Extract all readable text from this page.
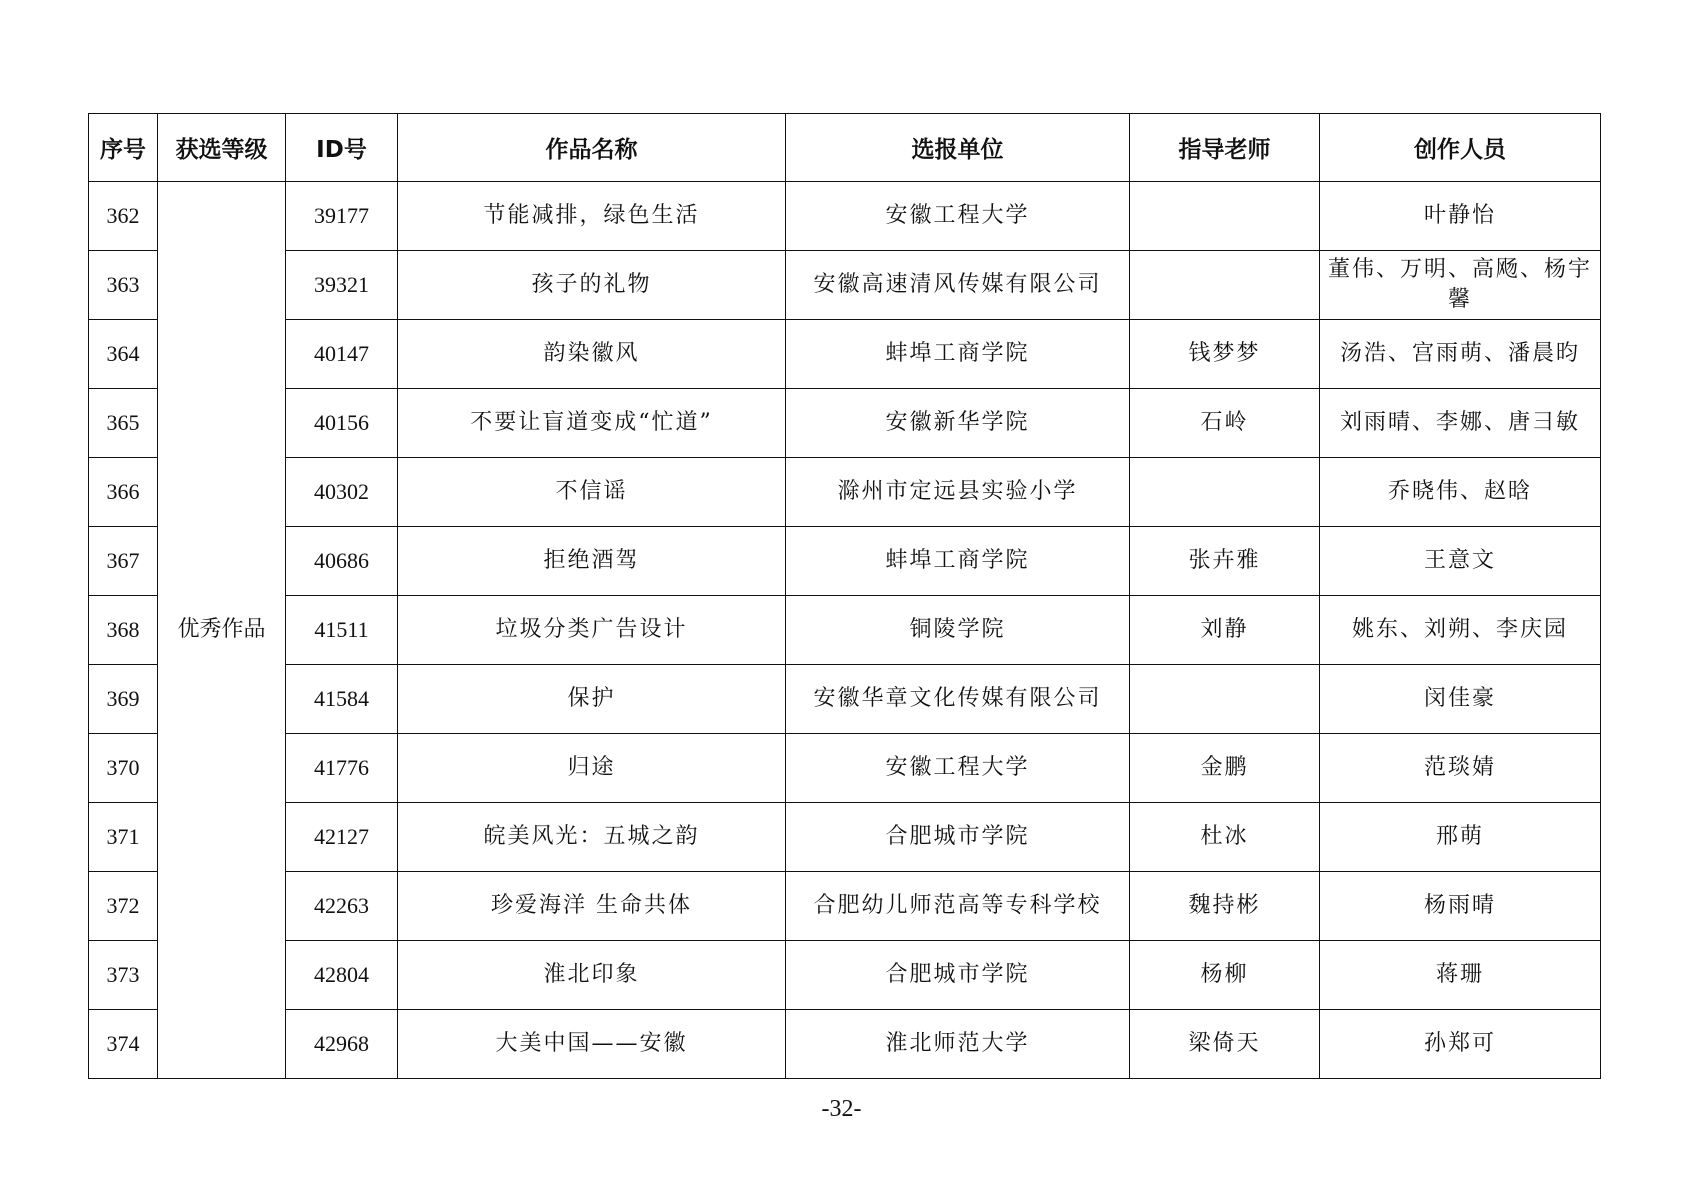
序号	获选等级	ID号	作品名称	选报单位	指导老师	创作人员
362	优秀作品	39177	节能减排，绿色生活	安徽工程大学		叶静怡
363		39321	孩子的礼物	安徽高速清风传媒有限公司		董伟、万明、高飏、杨宇馨
364		40147	韵染徽风	蚌埠工商学院	钱梦梦	汤浩、宫雨萌、潘晨昀
365		40156	不要让盲道变成“忙道”	安徽新华学院	石岭	刘雨晴、李娜、唐彐敏
366		40302	不信谣	滁州市定远县实验小学		乔晓伟、赵晗
367		40686	拒绝酒驾	蚌埠工商学院	张卉雅	王意文
368		41511	垃圾分类广告设计	铜陵学院	刘静	姚东、刘朔、李庆园
369		41584	保护	安徽华章文化传媒有限公司		闵佳豪
370		41776	归途	安徽工程大学	金鹏	范琰婧
371		42127	皖美风光：五城之韵	合肥城市学院	杜冰	邢萌
372		42263	珍爱海洋 生命共体	合肥幼儿师范高等专科学校	魏持彬	杨雨晴
373		42804	淮北印象	合肥城市学院	杨柳	蒋珊
374		42968	大美中国——安徽	淮北师范大学	梁倚天	孙郑可
-32-
